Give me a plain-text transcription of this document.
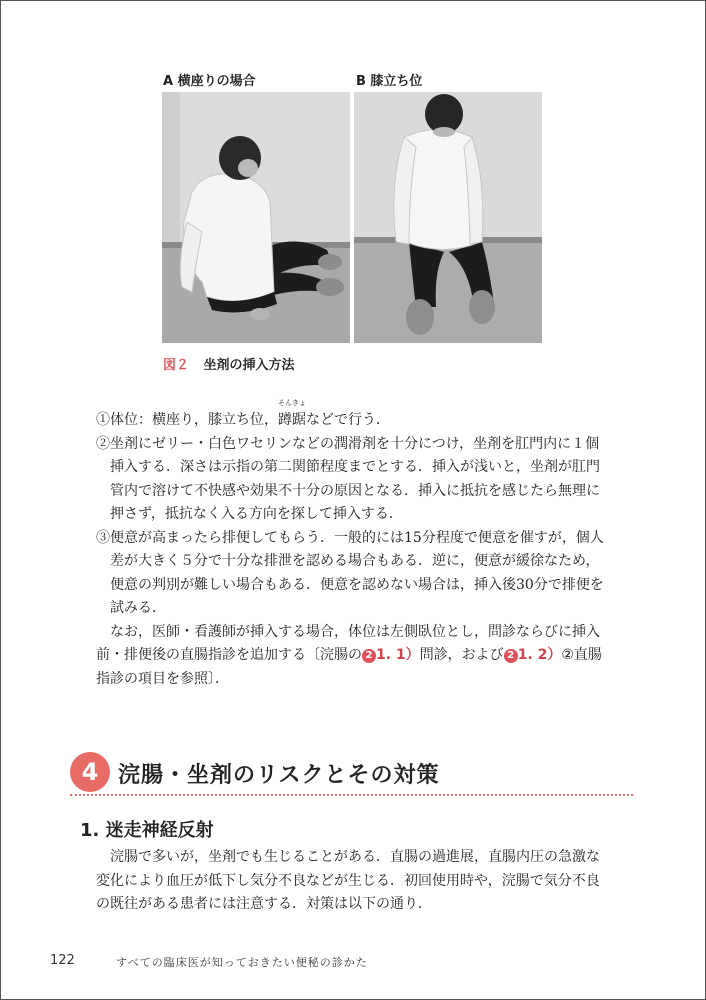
A 横座りの場合	B 膝立ち位
図２ 坐剤の挿入方法
①体位：横座り，膝立ち位，
そんきょ
蹲踞などで行う．
②坐剤にゼリー・白色ワセリンなどの潤滑剤を十分につけ，坐剤を肛門内に１個
挿入する．深さは示指の第二関節程度までとする．挿入が浅いと，坐剤が肛門
管内で溶けて不快感や効果不十分の原因となる．挿入に抵抗を感じたら無理に
押さず，抵抗なく入る方向を探して挿入する．
③便意が高まったら排便してもらう．一般的には15分程度で便意を催すが，個人
差が大きく５分で十分な排泄を認める場合もある．逆に，便意が緩徐なため，
便意の判別が難しい場合もある．便意を認めない場合は，挿入後30分で排便を
試みる．
なお，医師・看護師が挿入する場合，体位は左側臥位とし，問診ならびに挿入
前・排便後の直腸指診を追加する〔浣腸の 2 1. 1）問診，および 2 1. 2）②直腸
指診の項目を参照〕．
4 浣腸・坐剤のリスクとその対策
1. 迷走神経反射
浣腸で多いが，坐剤でも生じることがある．直腸の過進展，直腸内圧の急激な
変化により血圧が低下し気分不良などが生じる．初回使用時や，浣腸で気分不良
の既往がある患者には注意する．対策は以下の通り．
122	すべての臨床医が知っておきたい便秘の診かた
